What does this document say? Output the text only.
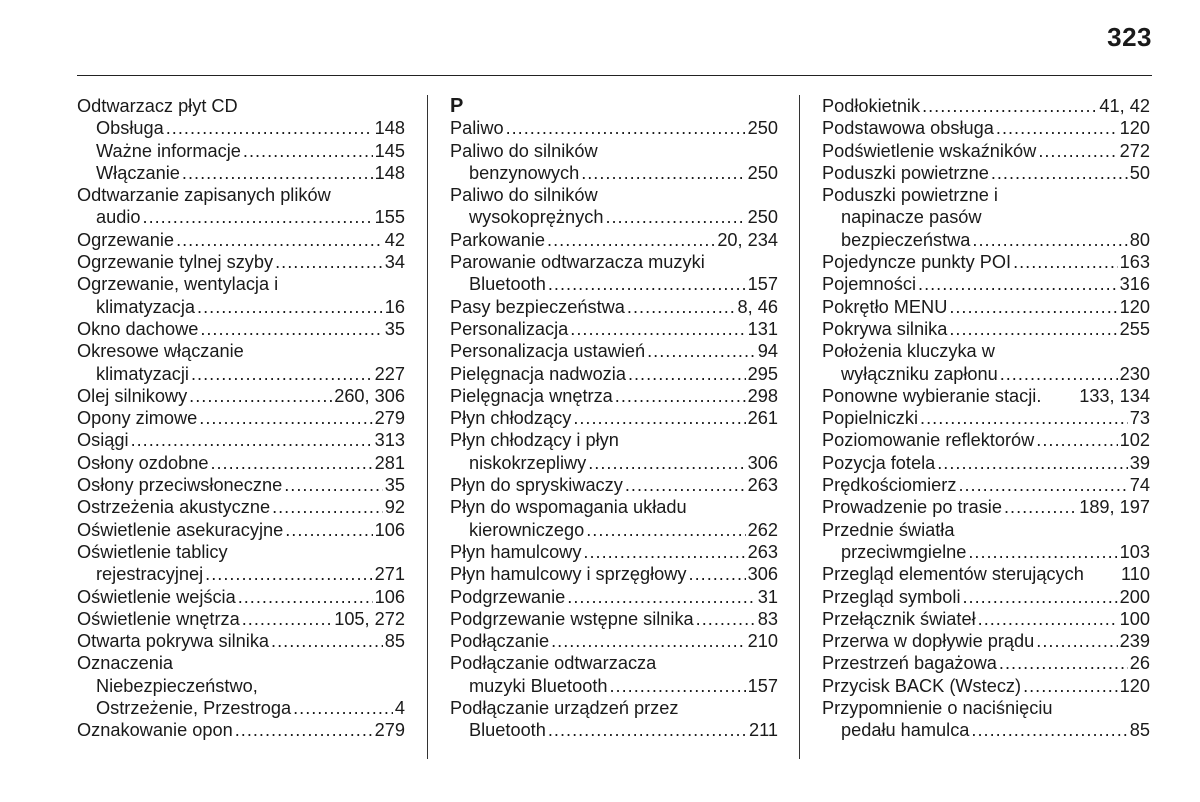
323
Odtwarzacz płyt CD
Obsługa .....	148
Ważne informacje .....	145
Włączanie .....	148
Odtwarzanie zapisanych plików
audio .....	155
Ogrzewanie .....	42
Ogrzewanie tylnej szyby .....	34
Ogrzewanie, wentylacja i
klimatyzacja .....	16
Okno dachowe .....	35
Okresowe włączanie
klimatyzacji .....	227
Olej silnikowy .....	260, 306
Opony zimowe .....	279
Osiągi .....	313
Osłony ozdobne .....	281
Osłony przeciwsłoneczne .....	35
Ostrzeżenia akustyczne .....	92
Oświetlenie asekuracyjne .....	106
Oświetlenie tablicy
rejestracyjnej .....	271
Oświetlenie wejścia .....	106
Oświetlenie wnętrza .....	105, 272
Otwarta pokrywa silnika .....	85
Oznaczenia
Niebezpieczeństwo,
Ostrzeżenie, Przestroga .....	4
Oznakowanie opon .....	279
P
Paliwo .....	250
Paliwo do silników
benzynowych .....	250
Paliwo do silników
wysokoprężnych .....	250
Parkowanie .....	20, 234
Parowanie odtwarzacza muzyki
Bluetooth .....	157
Pasy bezpieczeństwa .....	8, 46
Personalizacja .....	131
Personalizacja ustawień .....	94
Pielęgnacja nadwozia .....	295
Pielęgnacja wnętrza .....	298
Płyn chłodzący .....	261
Płyn chłodzący i płyn
niskokrzepliwy .....	306
Płyn do spryskiwaczy .....	263
Płyn do wspomagania układu
kierowniczego .....	262
Płyn hamulcowy .....	263
Płyn hamulcowy i sprzęgłowy .....	306
Podgrzewanie .....	31
Podgrzewanie wstępne silnika .....	83
Podłączanie .....	210
Podłączanie odtwarzacza
muzyki Bluetooth .....	157
Podłączanie urządzeń przez
Bluetooth .....	211
Podłokietnik .....	41, 42
Podstawowa obsługa .....	120
Podświetlenie wskaźników .....	272
Poduszki powietrzne .....	50
Poduszki powietrzne i
napinacze pasów
bezpieczeństwa .....	80
Pojedyncze punkty POI .....	163
Pojemności .....	316
Pokrętło MENU .....	120
Pokrywa silnika .....	255
Położenia kluczyka w
wyłączniku zapłonu .....	230
Ponowne wybieranie stacji. 133, 134
Popielniczki .....	73
Poziomowanie reflektorów .....	102
Pozycja fotela .....	39
Prędkościomierz .....	74
Prowadzenie po trasie .....	189, 197
Przednie światła
przeciwmgielne .....	103
Przegląd elementów sterujących 110
Przegląd symboli .....	200
Przełącznik świateł .....	100
Przerwa w dopływie prądu .....	239
Przestrzeń bagażowa .....	26
Przycisk BACK (Wstecz) .....	120
Przypomnienie o naciśnięciu
pedału hamulca .....	85
